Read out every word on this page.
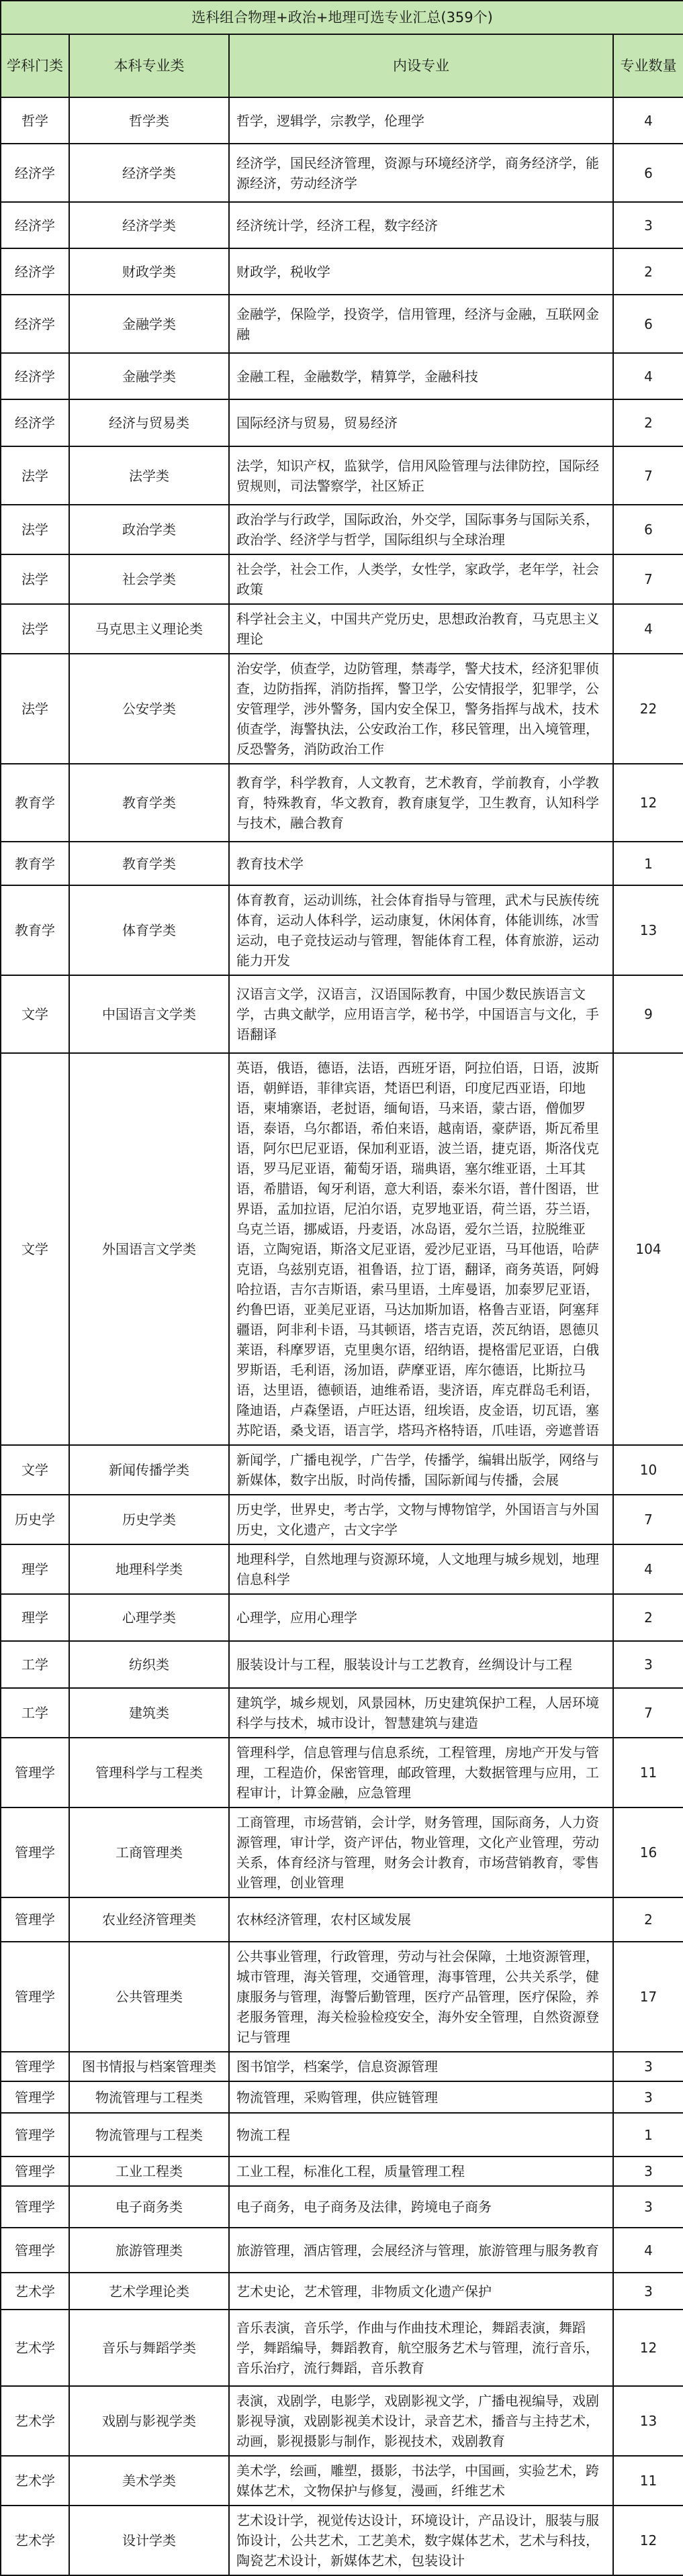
选科组合物理+政治+地理可选专业汇总(359个)			
学科门类	本科专业类	内设专业	专业数量
哲学	哲学类	哲学，逻辑学，宗教学，伦理学	4
经济学	经济学类	经济学，国民经济管理，资源与环境经济学，商务经济学，能源经济，劳动经济学	6
经济学	经济学类	经济统计学，经济工程，数字经济	3
经济学	财政学类	财政学，税收学	2
经济学	金融学类	金融学，保险学，投资学，信用管理，经济与金融，互联网金融	6
经济学	金融学类	金融工程，金融数学，精算学，金融科技	4
经济学	经济与贸易类	国际经济与贸易，贸易经济	2
法学	法学类	法学，知识产权，监狱学，信用风险管理与法律防控，国际经贸规则，司法警察学，社区矫正	7
法学	政治学类	政治学与行政学，国际政治，外交学，国际事务与国际关系，政治学、经济学与哲学，国际组织与全球治理	6
法学	社会学类	社会学，社会工作，人类学，女性学，家政学，老年学，社会政策	7
法学	马克思主义理论类	科学社会主义，中国共产党历史，思想政治教育，马克思主义理论	4
法学	公安学类	治安学，侦查学，边防管理，禁毒学，警犬技术，经济犯罪侦查，边防指挥，消防指挥，警卫学，公安情报学，犯罪学，公安管理学，涉外警务，国内安全保卫，警务指挥与战术，技术侦查学，海警执法，公安政治工作，移民管理，出入境管理，反恐警务，消防政治工作	22
教育学	教育学类	教育学，科学教育，人文教育，艺术教育，学前教育，小学教育，特殊教育，华文教育，教育康复学，卫生教育，认知科学与技术，融合教育	12
教育学	教育学类	教育技术学	1
教育学	体育学类	体育教育，运动训练，社会体育指导与管理，武术与民族传统体育，运动人体科学，运动康复，休闲体育，体能训练，冰雪运动，电子竞技运动与管理，智能体育工程，体育旅游，运动能力开发	13
文学	中国语言文学类	汉语言文学，汉语言，汉语国际教育，中国少数民族语言文学，古典文献学，应用语言学，秘书学，中国语言与文化，手语翻译	9
文学	外国语言文学类	英语，俄语，德语，法语，西班牙语，阿拉伯语，日语，波斯语，朝鲜语，菲律宾语，梵语巴利语，印度尼西亚语，印地语，柬埔寨语，老挝语，缅甸语，马来语，蒙古语，僧伽罗语，泰语，乌尔都语，希伯来语，越南语，豪萨语，斯瓦希里语，阿尔巴尼亚语，保加利亚语，波兰语，捷克语，斯洛伐克语，罗马尼亚语，葡萄牙语，瑞典语，塞尔维亚语，土耳其语，希腊语，匈牙利语，意大利语，泰米尔语，普什图语，世界语，孟加拉语，尼泊尔语，克罗地亚语，荷兰语，芬兰语，乌克兰语，挪威语，丹麦语，冰岛语，爱尔兰语，拉脱维亚语，立陶宛语，斯洛文尼亚语，爱沙尼亚语，马耳他语，哈萨克语，乌兹别克语，祖鲁语，拉丁语，翻译，商务英语，阿姆哈拉语，吉尔吉斯语，索马里语，土库曼语，加泰罗尼亚语，约鲁巴语，亚美尼亚语，马达加斯加语，格鲁吉亚语，阿塞拜疆语，阿非利卡语，马其顿语，塔吉克语，茨瓦纳语，恩德贝莱语，科摩罗语，克里奥尔语，绍纳语，提格雷尼亚语，白俄罗斯语，毛利语，汤加语，萨摩亚语，库尔德语，比斯拉马语，达里语，德顿语，迪维希语，斐济语，库克群岛毛利语，隆迪语，卢森堡语，卢旺达语，纽埃语，皮金语，切瓦语，塞苏陀语，桑戈语，语言学，塔玛齐格特语，爪哇语，旁遮普语	104
文学	新闻传播学类	新闻学，广播电视学，广告学，传播学，编辑出版学，网络与新媒体，数字出版，时尚传播，国际新闻与传播，会展	10
历史学	历史学类	历史学，世界史，考古学，文物与博物馆学，外国语言与外国历史，文化遗产，古文字学	7
理学	地理科学类	地理科学，自然地理与资源环境，人文地理与城乡规划，地理信息科学	4
理学	心理学类	心理学，应用心理学	2
工学	纺织类	服装设计与工程，服装设计与工艺教育，丝绸设计与工程	3
工学	建筑类	建筑学，城乡规划，风景园林，历史建筑保护工程，人居环境科学与技术，城市设计，智慧建筑与建造	7
管理学	管理科学与工程类	管理科学，信息管理与信息系统，工程管理，房地产开发与管理，工程造价，保密管理，邮政管理，大数据管理与应用，工程审计，计算金融，应急管理	11
管理学	工商管理类	工商管理，市场营销，会计学，财务管理，国际商务，人力资源管理，审计学，资产评估，物业管理，文化产业管理，劳动关系，体育经济与管理，财务会计教育，市场营销教育，零售业管理，创业管理	16
管理学	农业经济管理类	农林经济管理，农村区域发展	2
管理学	公共管理类	公共事业管理，行政管理，劳动与社会保障，土地资源管理，城市管理，海关管理，交通管理，海事管理，公共关系学，健康服务与管理，海警后勤管理，医疗产品管理，医疗保险，养老服务管理，海关检验检疫安全，海外安全管理，自然资源登记与管理	17
管理学	图书情报与档案管理类	图书馆学，档案学，信息资源管理	3
管理学	物流管理与工程类	物流管理，采购管理，供应链管理	3
管理学	物流管理与工程类	物流工程	1
管理学	工业工程类	工业工程，标准化工程，质量管理工程	3
管理学	电子商务类	电子商务，电子商务及法律，跨境电子商务	3
管理学	旅游管理类	旅游管理，酒店管理，会展经济与管理，旅游管理与服务教育	4
艺术学	艺术学理论类	艺术史论，艺术管理，非物质文化遗产保护	3
艺术学	音乐与舞蹈学类	音乐表演，音乐学，作曲与作曲技术理论，舞蹈表演，舞蹈学，舞蹈编导，舞蹈教育，航空服务艺术与管理，流行音乐，音乐治疗，流行舞蹈，音乐教育	12
艺术学	戏剧与影视学类	表演，戏剧学，电影学，戏剧影视文学，广播电视编导，戏剧影视导演，戏剧影视美术设计，录音艺术，播音与主持艺术，动画，影视摄影与制作，影视技术，戏剧教育	13
艺术学	美术学类	美术学，绘画，雕塑，摄影，书法学，中国画，实验艺术，跨媒体艺术，文物保护与修复，漫画，纤维艺术	11
艺术学	设计学类	艺术设计学，视觉传达设计，环境设计，产品设计，服装与服饰设计，公共艺术，工艺美术，数字媒体艺术，艺术与科技，陶瓷艺术设计，新媒体艺术，包装设计	12
